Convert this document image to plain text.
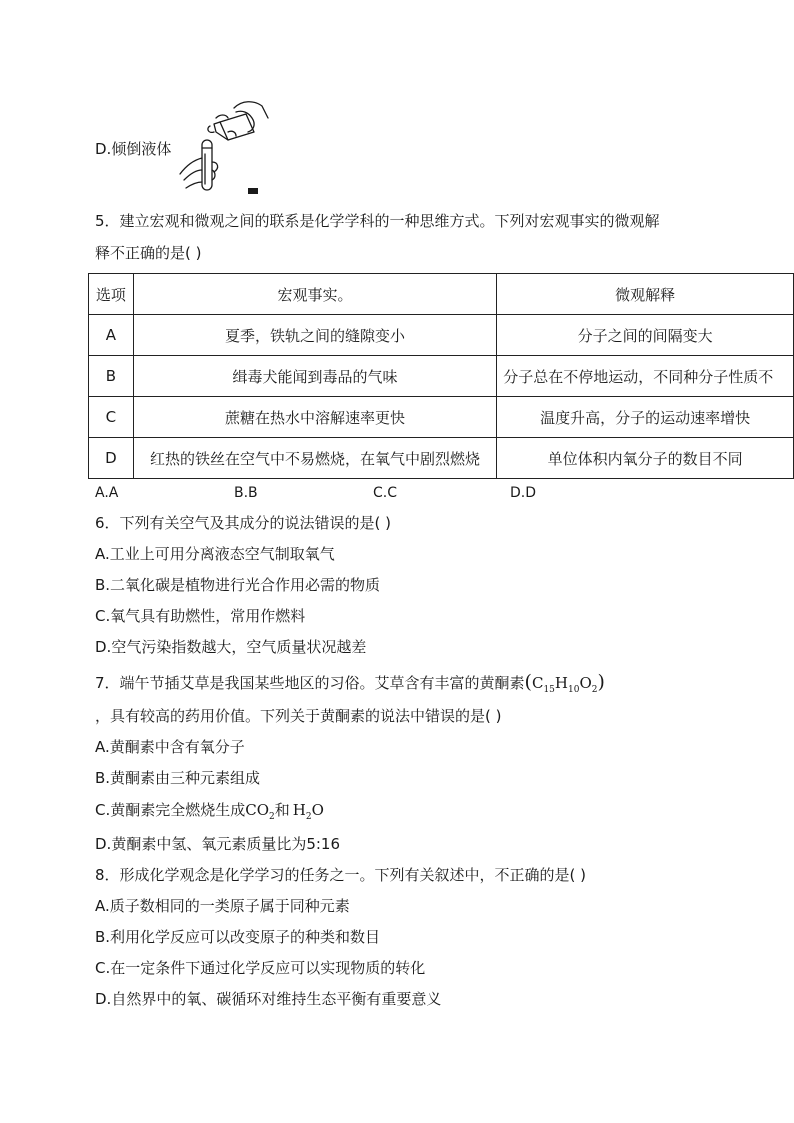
D.倾倒液体
5．建立宏观和微观之间的联系是化学学科的一种思维方式。下列对宏观事实的微观解
释不正确的是( )
选项	宏观事实。	微观解释
A	夏季，铁轨之间的缝隙变小	分子之间的间隔变大
B	缉毒犬能闻到毒品的气味	分子总在不停地运动，不同种分子性质不
C	蔗糖在热水中溶解速率更快	温度升高，分子的运动速率增快
D	红热的铁丝在空气中不易燃烧，在氧气中剧烈燃烧	单位体积内氧分子的数目不同
A.A	B.B	C.C	D.D
6．下列有关空气及其成分的说法错误的是( )
A.工业上可用分离液态空气制取氧气
B.二氧化碳是植物进行光合作用必需的物质
C.氧气具有助燃性，常用作燃料
D.空气污染指数越大，空气质量状况越差
7．端午节插艾草是我国某些地区的习俗。艾草含有丰富的黄酮素$(C_{15}H_{10}O_2)$
，具有较高的药用价值。下列关于黄酮素的说法中错误的是( )
A.黄酮素中含有氧分子
B.黄酮素由三种元素组成
C.黄酮素完全燃烧生成$CO_2$和 $H_2O$
D.黄酮素中氢、氧元素质量比为5:16
8．形成化学观念是化学学习的任务之一。下列有关叙述中，不正确的是( )
A.质子数相同的一类原子属于同种元素
B.利用化学反应可以改变原子的种类和数目
C.在一定条件下通过化学反应可以实现物质的转化
D.自然界中的氧、碳循环对维持生态平衡有重要意义
